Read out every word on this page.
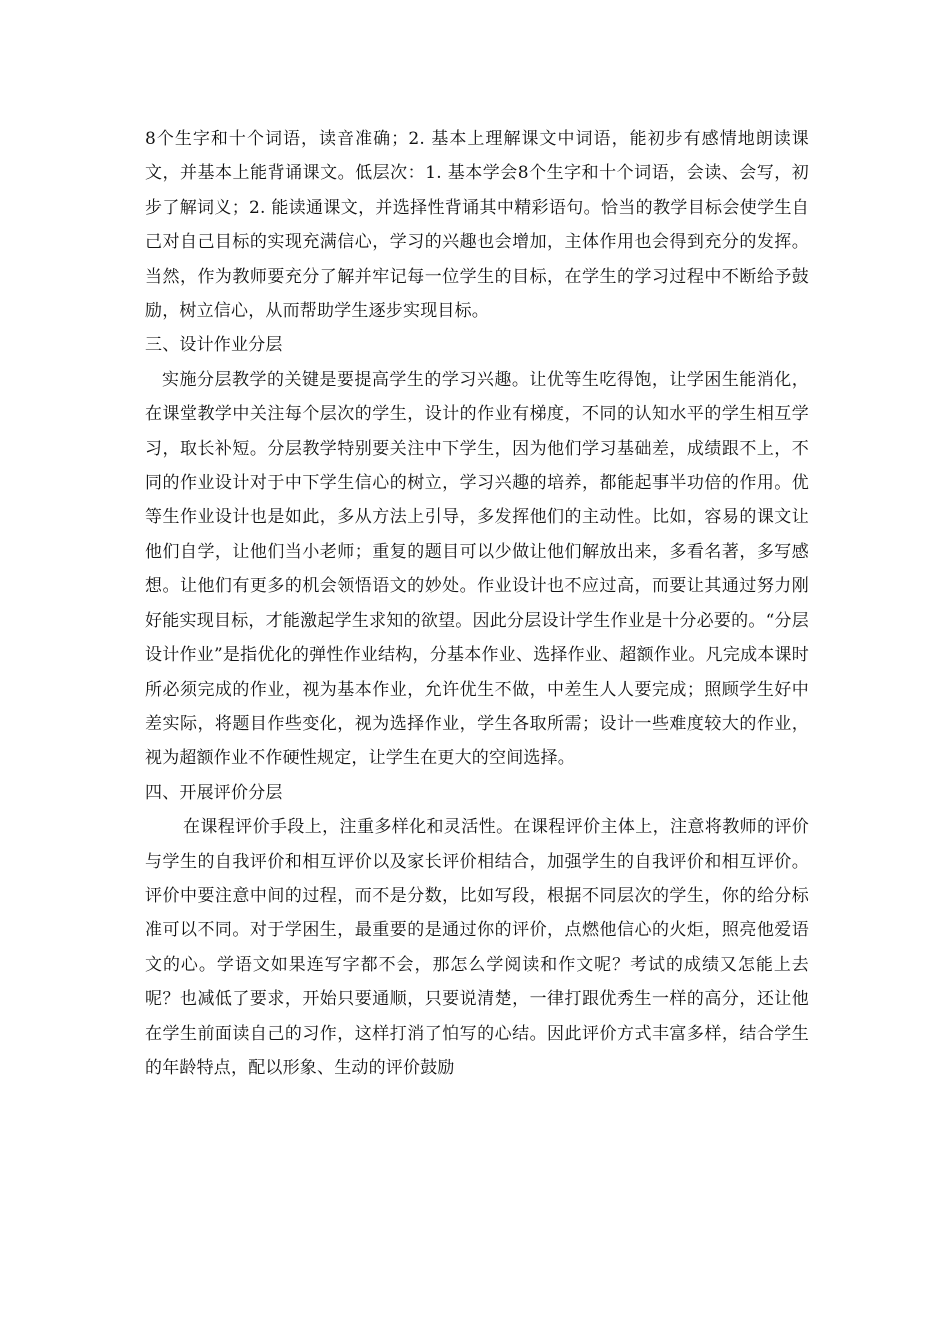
8个生字和十个词语，读音准确；2. 基本上理解课文中词语，能初步有感情地朗读课文，并基本上能背诵课文。低层次：1. 基本学会8个生字和十个词语，会读、会写，初步了解词义；2. 能读通课文，并选择性背诵其中精彩语句。恰当的教学目标会使学生自己对自己目标的实现充满信心，学习的兴趣也会增加，主体作用也会得到充分的发挥。当然，作为教师要充分了解并牢记每一位学生的目标，在学生的学习过程中不断给予鼓励，树立信心，从而帮助学生逐步实现目标。

三、设计作业分层

实施分层教学的关键是要提高学生的学习兴趣。让优等生吃得饱，让学困生能消化，在课堂教学中关注每个层次的学生，设计的作业有梯度，不同的认知水平的学生相互学习，取长补短。分层教学特别要关注中下学生，因为他们学习基础差，成绩跟不上，不同的作业设计对于中下学生信心的树立，学习兴趣的培养，都能起事半功倍的作用。优等生作业设计也是如此，多从方法上引导，多发挥他们的主动性。比如，容易的课文让他们自学，让他们当小老师；重复的题目可以少做让他们解放出来，多看名著，多写感想。让他们有更多的机会领悟语文的妙处。作业设计也不应过高，而要让其通过努力刚好能实现目标，才能激起学生求知的欲望。因此分层设计学生作业是十分必要的。“分层设计作业”是指优化的弹性作业结构，分基本作业、选择作业、超额作业。凡完成本课时所必须完成的作业，视为基本作业，允许优生不做，中差生人人要完成；照顾学生好中差实际，将题目作些变化，视为选择作业，学生各取所需；设计一些难度较大的作业，视为超额作业不作硬性规定，让学生在更大的空间选择。

四、开展评价分层

在课程评价手段上，注重多样化和灵活性。在课程评价主体上，注意将教师的评价与学生的自我评价和相互评价以及家长评价相结合，加强学生的自我评价和相互评价。评价中要注意中间的过程，而不是分数，比如写段，根据不同层次的学生，你的给分标准可以不同。对于学困生，最重要的是通过你的评价，点燃他信心的火炬，照亮他爱语文的心。学语文如果连写字都不会，那怎么学阅读和作文呢？考试的成绩又怎能上去呢？也减低了要求，开始只要通顺，只要说清楚，一律打跟优秀生一样的高分，还让他在学生前面读自己的习作，这样打消了怕写的心结。因此评价方式丰富多样，结合学生的年龄特点，配以形象、生动的评价鼓励
